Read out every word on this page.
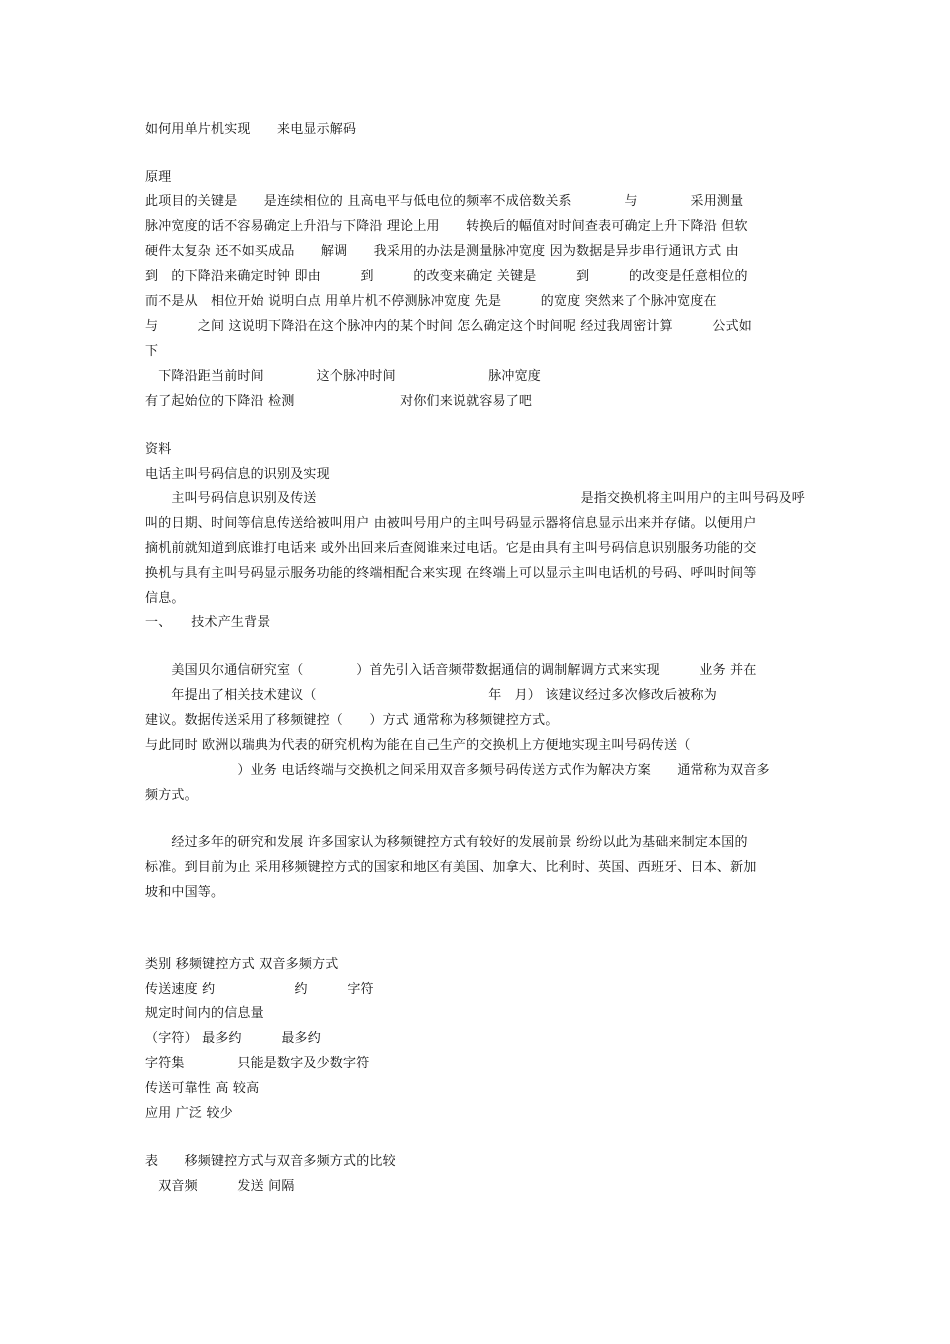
如何用单片机实现　　来电显示解码
原理
此项目的关键是　　是连续相位的 且高电平与低电位的频率不成倍数关系　　　　与　　　　采用测量
脉冲宽度的话不容易确定上升沿与下降沿 理论上用　　转换后的幅值对时间查表可确定上升下降沿 但软
硬件太复杂 还不如买成品　　解调　　我采用的办法是测量脉冲宽度 因为数据是异步串行通讯方式 由
到　的下降沿来确定时钟 即由　　　到　　　的改变来确定 关键是　　　到　　　的改变是任意相位的
而不是从　相位开始 说明白点 用单片机不停测脉冲宽度 先是　　　的宽度 突然来了个脉冲宽度在
与　　　之间 这说明下降沿在这个脉冲内的某个时间 怎么确定这个时间呢 经过我周密计算　　　公式如
下
　下降沿距当前时间　　　　这个脉冲时间　　　　　　　脉冲宽度
有了起始位的下降沿 检测　　　　　　　　对你们来说就容易了吧
资料
电话主叫号码信息的识别及实现
　　主叫号码信息识别及传送　　　　　　　　　　　　　　　　　　　　是指交换机将主叫用户的主叫号码及呼
叫的日期、时间等信息传送给被叫用户 由被叫号用户的主叫号码显示器将信息显示出来并存储。以便用户
摘机前就知道到底谁打电话来 或外出回来后查阅谁来过电话。它是由具有主叫号码信息识别服务功能的交
换机与具有主叫号码显示服务功能的终端相配合来实现 在终端上可以显示主叫电话机的号码、呼叫时间等
信息。
一、　　技术产生背景
　　美国贝尔通信研究室（　　　　）首先引入话音频带数据通信的调制解调方式来实现　　　业务 并在
　　年提出了相关技术建议（　　　　　　　　　　　　　年　月） 该建议经过多次修改后被称为
建议。数据传送采用了移频键控（　　）方式 通常称为移频键控方式。
与此同时 欧洲以瑞典为代表的研究机构为能在自己生产的交换机上方便地实现主叫号码传送（
　　　　　　　）业务 电话终端与交换机之间采用双音多频号码传送方式作为解决方案　　通常称为双音多
频方式。
　　经过多年的研究和发展 许多国家认为移频键控方式有较好的发展前景 纷纷以此为基础来制定本国的
标准。到目前为止 采用移频键控方式的国家和地区有美国、加拿大、比利时、英国、西班牙、日本、新加
坡和中国等。
类别 移频键控方式 双音多频方式
传送速度 约　　　　　　约　　　字符
规定时间内的信息量
（字符） 最多约　　　最多约
字符集　　　　只能是数字及少数字符
传送可靠性 高 较高
应用 广泛 较少
表　　移频键控方式与双音多频方式的比较
　双音频　　　发送 间隔
